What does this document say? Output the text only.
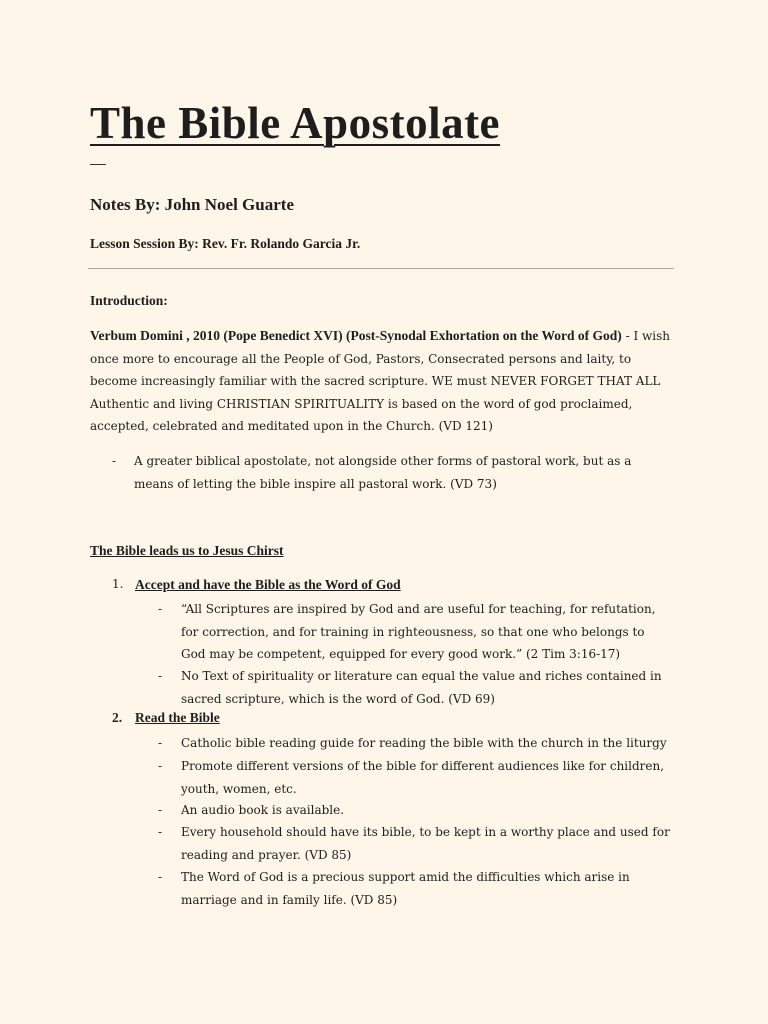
The Bible Apostolate

Notes By: John Noel Guarte

Lesson Session By: Rev. Fr. Rolando Garcia Jr.

Introduction:

Verbum Domini , 2010 (Pope Benedict XVI) (Post-Synodal Exhortation on the Word of God) - I wish once more to encourage all the People of God, Pastors, Consecrated persons and laity, to become increasingly familiar with the sacred scripture. WE must NEVER FORGET THAT ALL Authentic and living CHRISTIAN SPIRITUALITY is based on the word of god proclaimed, accepted, celebrated and meditated upon in the Church. (VD 121)

-	A greater biblical apostolate, not alongside other forms of pastoral work, but as a means of letting the bible inspire all pastoral work. (VD 73)

The Bible leads us to Jesus Chirst

1. Accept and have the Bible as the Word of God
-	“All Scriptures are inspired by God and are useful for teaching, for refutation, for correction, and for training in righteousness, so that one who belongs to God may be competent, equipped for every good work.” (2 Tim 3:16-17)
-	No Text of spirituality or literature can equal the value and riches contained in sacred scripture, which is the word of God. (VD 69)
2. Read the Bible
-	Catholic bible reading guide for reading the bible with the church in the liturgy
-	Promote different versions of the bible for different audiences like for children, youth, women, etc.
-	An audio book is available.
-	Every household should have its bible, to be kept in a worthy place and used for reading and prayer. (VD 85)
-	The Word of God is a precious support amid the difficulties which arise in marriage and in family life. (VD 85)
